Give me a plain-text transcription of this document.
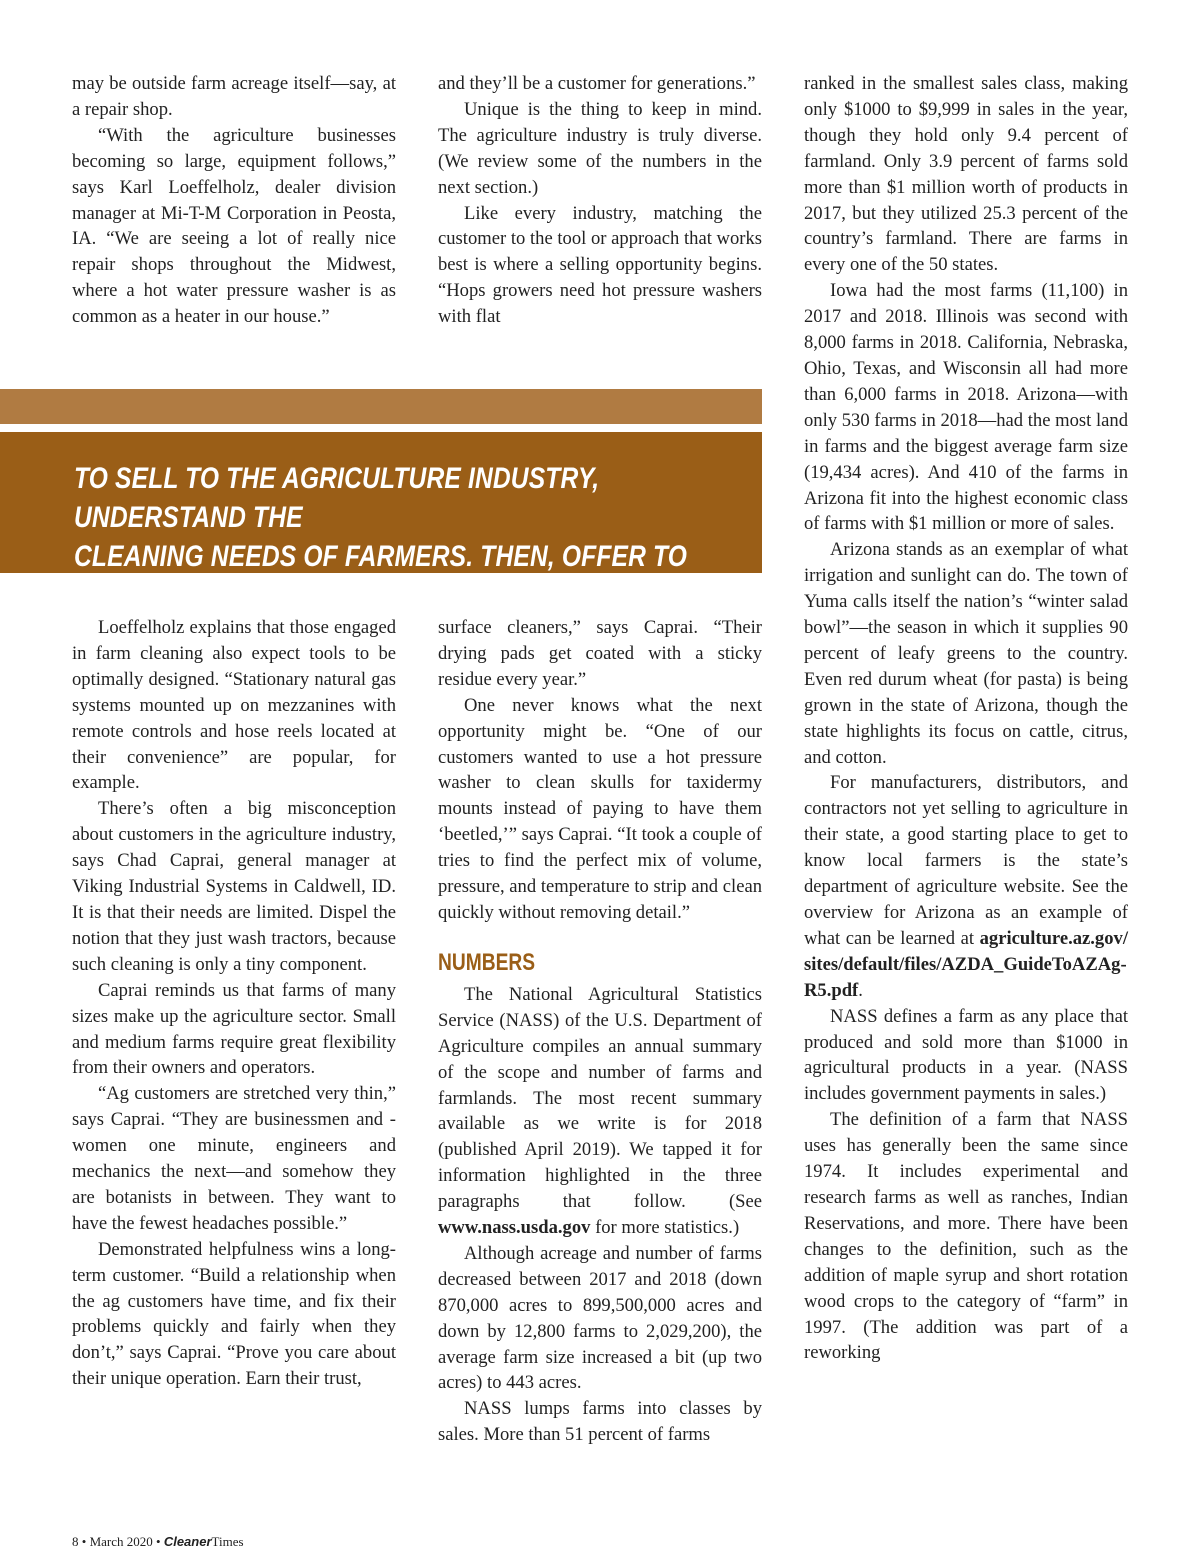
may be outside farm acreage itself—say, at a repair shop.

“With the agriculture businesses becoming so large, equipment follows,” says Karl Loeffelholz, dealer division manager at Mi-T-M Corporation in Peosta, IA. “We are seeing a lot of really nice repair shops throughout the Midwest, where a hot water pressure washer is as common as a heater in our house.”

and they’ll be a customer for generations.”

Unique is the thing to keep in mind. The agriculture industry is truly diverse. (We review some of the numbers in the next section.)

Like every industry, matching the customer to the tool or approach that works best is where a selling opportunity begins. “Hops growers need hot pressure washers with flat

TO SELL TO THE AGRICULTURE INDUSTRY, UNDERSTAND THE
CLEANING NEEDS OF FARMERS. THEN, OFFER TO MEET THEM.

Loeffelholz explains that those engaged in farm cleaning also expect tools to be optimally designed. “Stationary natural gas systems mounted up on mezzanines with remote controls and hose reels located at their convenience” are popular, for example.

There’s often a big misconception about customers in the agriculture industry, says Chad Caprai, general manager at Viking Industrial Systems in Caldwell, ID. It is that their needs are limited. Dispel the notion that they just wash tractors, because such cleaning is only a tiny component.

Caprai reminds us that farms of many sizes make up the agriculture sector. Small and medium farms require great flexibility from their owners and operators.

“Ag customers are stretched very thin,” says Caprai. “They are businessmen and -women one minute, engineers and mechanics the next—and somehow they are botanists in between. They want to have the fewest headaches possible.”

Demonstrated helpfulness wins a long-term customer. “Build a relationship when the ag customers have time, and fix their problems quickly and fairly when they don’t,” says Caprai. “Prove you care about their unique operation. Earn their trust,

surface cleaners,” says Caprai. “Their drying pads get coated with a sticky residue every year.”

One never knows what the next opportunity might be. “One of our customers wanted to use a hot pressure washer to clean skulls for taxidermy mounts instead of paying to have them ‘beetled,’” says Caprai. “It took a couple of tries to find the perfect mix of volume, pressure, and temperature to strip and clean quickly without removing detail.”

NUMBERS

The National Agricultural Statistics Service (NASS) of the U.S. Department of Agriculture compiles an annual summary of the scope and number of farms and farmlands. The most recent summary available as we write is for 2018 (published April 2019). We tapped it for information highlighted in the three paragraphs that follow. (See www.nass.usda.gov for more statistics.)

Although acreage and number of farms decreased between 2017 and 2018 (down 870,000 acres to 899,500,000 acres and down by 12,800 farms to 2,029,200), the average farm size increased a bit (up two acres) to 443 acres.

NASS lumps farms into classes by sales. More than 51 percent of farms

ranked in the smallest sales class, making only $1000 to $9,999 in sales in the year, though they hold only 9.4 percent of farmland. Only 3.9 percent of farms sold more than $1 million worth of products in 2017, but they utilized 25.3 percent of the country’s farmland. There are farms in every one of the 50 states.

Iowa had the most farms (11,100) in 2017 and 2018. Illinois was second with 8,000 farms in 2018. California, Nebraska, Ohio, Texas, and Wisconsin all had more than 6,000 farms in 2018. Arizona—with only 530 farms in 2018—had the most land in farms and the biggest average farm size (19,434 acres). And 410 of the farms in Arizona fit into the highest economic class of farms with $1 million or more of sales.

Arizona stands as an exemplar of what irrigation and sunlight can do. The town of Yuma calls itself the nation’s “winter salad bowl”—the season in which it supplies 90 percent of leafy greens to the country. Even red durum wheat (for pasta) is being grown in the state of Arizona, though the state highlights its focus on cattle, citrus, and cotton.

For manufacturers, distributors, and contractors not yet selling to agriculture in their state, a good starting place to get to know local farmers is the state’s department of agriculture website. See the overview for Arizona as an example of what can be learned at agriculture.az.gov/sites/default/files/AZDA_GuideToAZAg-R5.pdf.

NASS defines a farm as any place that produced and sold more than $1000 in agricultural products in a year. (NASS includes government payments in sales.)

The definition of a farm that NASS uses has generally been the same since 1974. It includes experimental and research farms as well as ranches, Indian Reservations, and more. There have been changes to the definition, such as the addition of maple syrup and short rotation wood crops to the category of “farm” in 1997. (The addition was part of a reworking

8 • March 2020 • CleanerTimes
